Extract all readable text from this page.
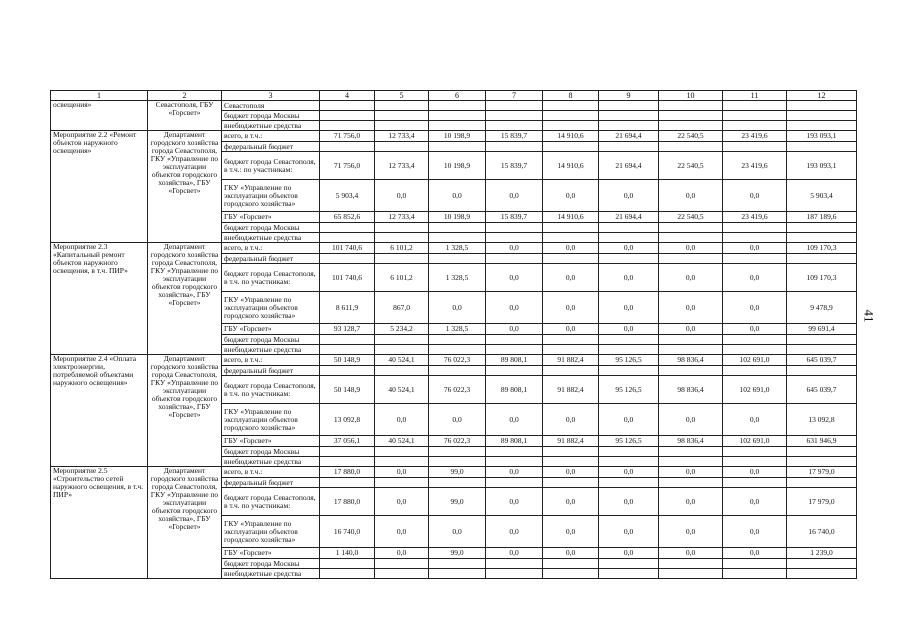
1	2	3	4	5	6	7	8	9	10	11	12
освещения»	Севастополя, ГБУ «Горсвет»	Севастополя									
		бюджет города Москвы									
		внебюджетные средства									
Мероприятие 2.2 «Ремонт объектов наружного освещения»	Департамент городского хозяйства города Севастополя, ГКУ «Управление по эксплуатации объектов городского хозяйства», ГБУ «Горсвет»	всего, в т.ч.:	71 756,0	12 733,4	10 198,9	15 839,7	14 910,6	21 694,4	22 540,5	23 419,6	193 093,1
		федеральный бюджет									
		бюджет города Севастополя, в т.ч.: по участникам:	71 756,0	12 733,4	10 198,9	15 839,7	14 910,6	21 694,4	22 540,5	23 419,6	193 093,1
		ГКУ «Управление по эксплуатации объектов городского хозяйства»	5 903,4	0,0	0,0	0,0	0,0	0,0	0,0	0,0	5 903,4
		ГБУ «Горсвет»	65 852,6	12 733,4	10 198,9	15 839,7	14 910,6	21 694,4	22 540,5	23 419,6	187 189,6
		бюджет города Москвы									
		внебюджетные средства									
Мероприятие 2.3 «Капитальный ремонт объектов наружного освещения, в т.ч. ПИР»	Департамент городского хозяйства города Севастополя, ГКУ «Управление по эксплуатации объектов городского хозяйства», ГБУ «Горсвет»	всего, в т.ч.:	101 740,6	6 101,2	1 328,5	0,0	0,0	0,0	0,0	0,0	109 170,3
		федеральный бюджет									
		бюджет города Севастополя, в т.ч. по участникам:	101 740,6	6 101,2	1 328,5	0,0	0,0	0,0	0,0	0,0	109 170,3
		ГКУ «Управление по эксплуатации объектов городского хозяйства»	8 611,9	867,0	0,0	0,0	0,0	0,0	0,0	0,0	9 478,9
		ГБУ «Горсвет»	93 128,7	5 234,2	1 328,5	0,0	0,0	0,0	0,0	0,0	99 691,4
		бюджет города Москвы									
		внебюджетные средства									
Мероприятие 2.4 «Оплата электроэнергии, потребляемой объектами наружного освещения»	Департамент городского хозяйства города Севастополя, ГКУ «Управление по эксплуатации объектов городского хозяйства», ГБУ «Горсвет»	всего, в т.ч.:	50 148,9	40 524,1	76 022,3	89 808,1	91 882,4	95 126,5	98 836,4	102 691,0	645 039,7
		федеральный бюджет									
		бюджет города Севастополя, в т.ч. по участникам:	50 148,9	40 524,1	76 022,3	89 808,1	91 882,4	95 126,5	98 836,4	102 691,0	645 039,7
		ГКУ «Управление по эксплуатации объектов городского хозяйства»	13 092,8	0,0	0,0	0,0	0,0	0,0	0,0	0,0	13 092,8
		ГБУ «Горсвет»	37 056,1	40 524,1	76 022,3	89 808,1	91 882,4	95 126,5	98 836,4	102 691,0	631 946,9
		бюджет города Москвы									
		внебюджетные средства									
Мероприятие 2.5 «Строительство сетей наружного освещения, в т.ч. ПИР»	Департамент городского хозяйства города Севастополя, ГКУ «Управление по эксплуатации объектов городского хозяйства», ГБУ «Горсвет»	всего, в т.ч.:	17 880,0	0,0	99,0	0,0	0,0	0,0	0,0	0,0	17 979,0
		федеральный бюджет									
		бюджет города Севастополя, в т.ч. по участникам:	17 880,0	0,0	99,0	0,0	0,0	0,0	0,0	0,0	17 979,0
		ГКУ «Управление по эксплуатации объектов городского хозяйства»	16 740,0	0,0	0,0	0,0	0,0	0,0	0,0	0,0	16 740,0
		ГБУ «Горсвет»	1 140,0	0,0	99,0	0,0	0,0	0,0	0,0	0,0	1 239,0
		бюджет города Москвы									
		внебюджетные средства									
41
